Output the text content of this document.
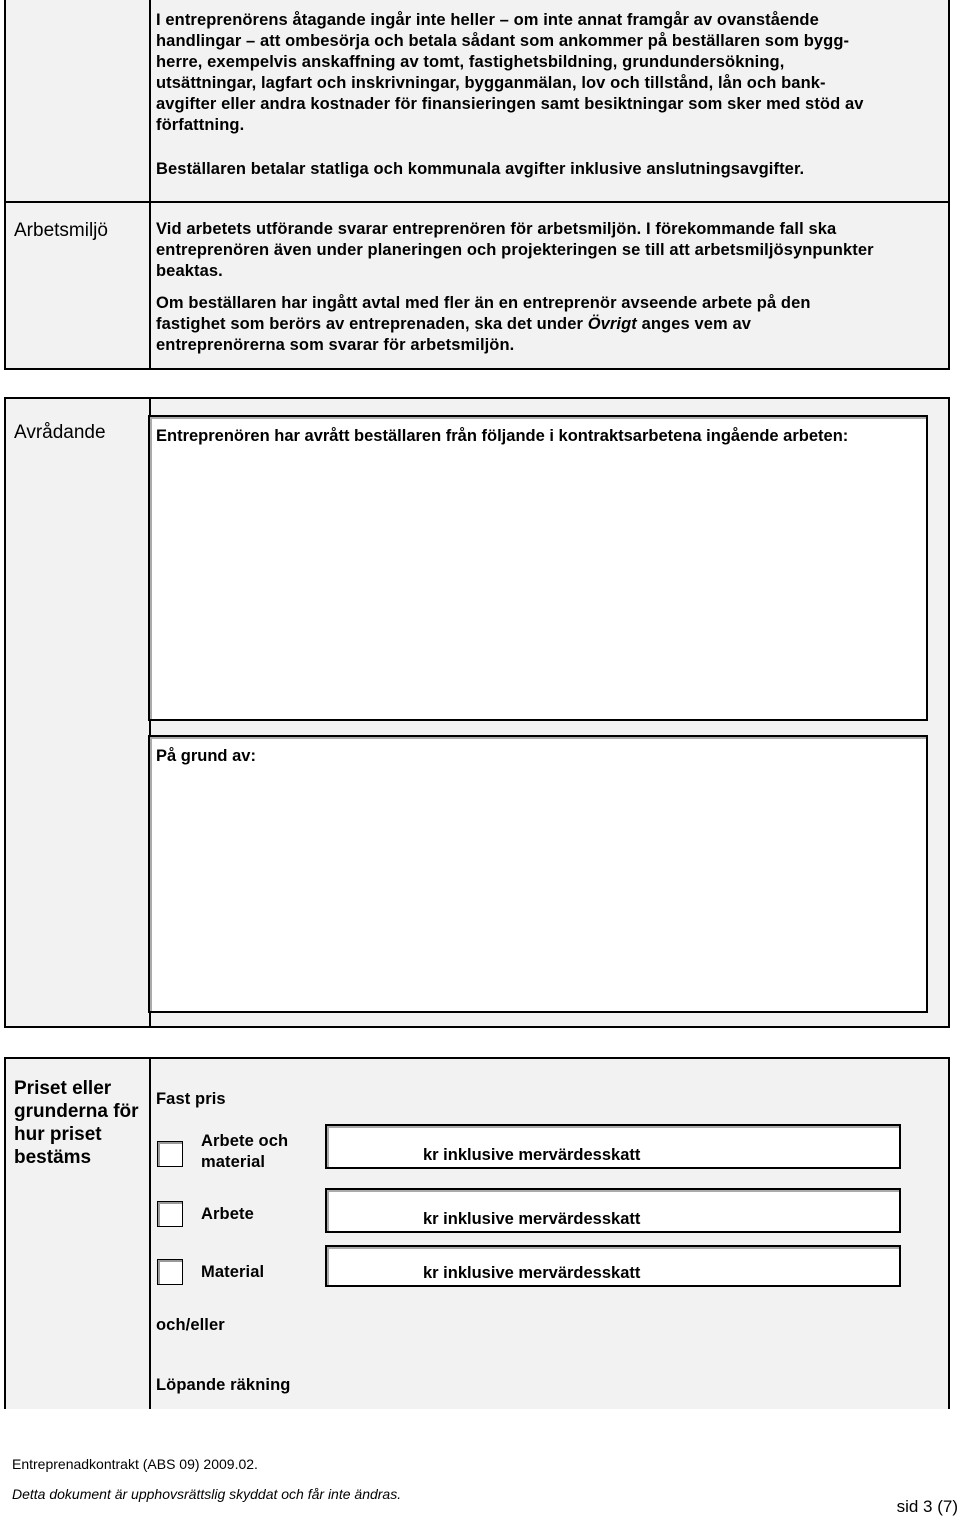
I entreprenörens åtagande ingår inte heller – om inte annat framgår av ovanstående
handlingar – att ombesörja och betala sådant som ankommer på beställaren som bygg-
herre, exempelvis anskaffning av tomt, fastighetsbildning, grundundersökning,
utsättningar, lagfart och inskrivningar, bygganmälan, lov och tillstånd, lån och bank-
avgifter eller andra kostnader för finansieringen samt besiktningar som sker med stöd av
författning.
Beställaren betalar statliga och kommunala avgifter inklusive anslutningsavgifter.
Arbetsmiljö	Vid arbetets utförande svarar entreprenören för arbetsmiljön. I förekommande fall ska
entreprenören även under planeringen och projekteringen se till att arbetsmiljösynpunkter
beaktas.
Om beställaren har ingått avtal med fler än en entreprenör avseende arbete på den
fastighet som berörs av entreprenaden, ska det under Övrigt anges vem av
entreprenörerna som svarar för arbetsmiljön.
Avrådande	Entreprenören har avrått beställaren från följande i kontraktsarbetena ingående arbeten:
På grund av:
Priset eller
grunderna för
hur priset
bestäms
Fast pris
Arbete och
material	kr inklusive mervärdesskatt
Arbete	kr inklusive mervärdesskatt
Material	kr inklusive mervärdesskatt
och/eller
Löpande räkning
Entreprenadkontrakt (ABS 09) 2009.02.
Detta dokument är upphovsrättslig skyddat och får inte ändras.
sid 3 (7)
